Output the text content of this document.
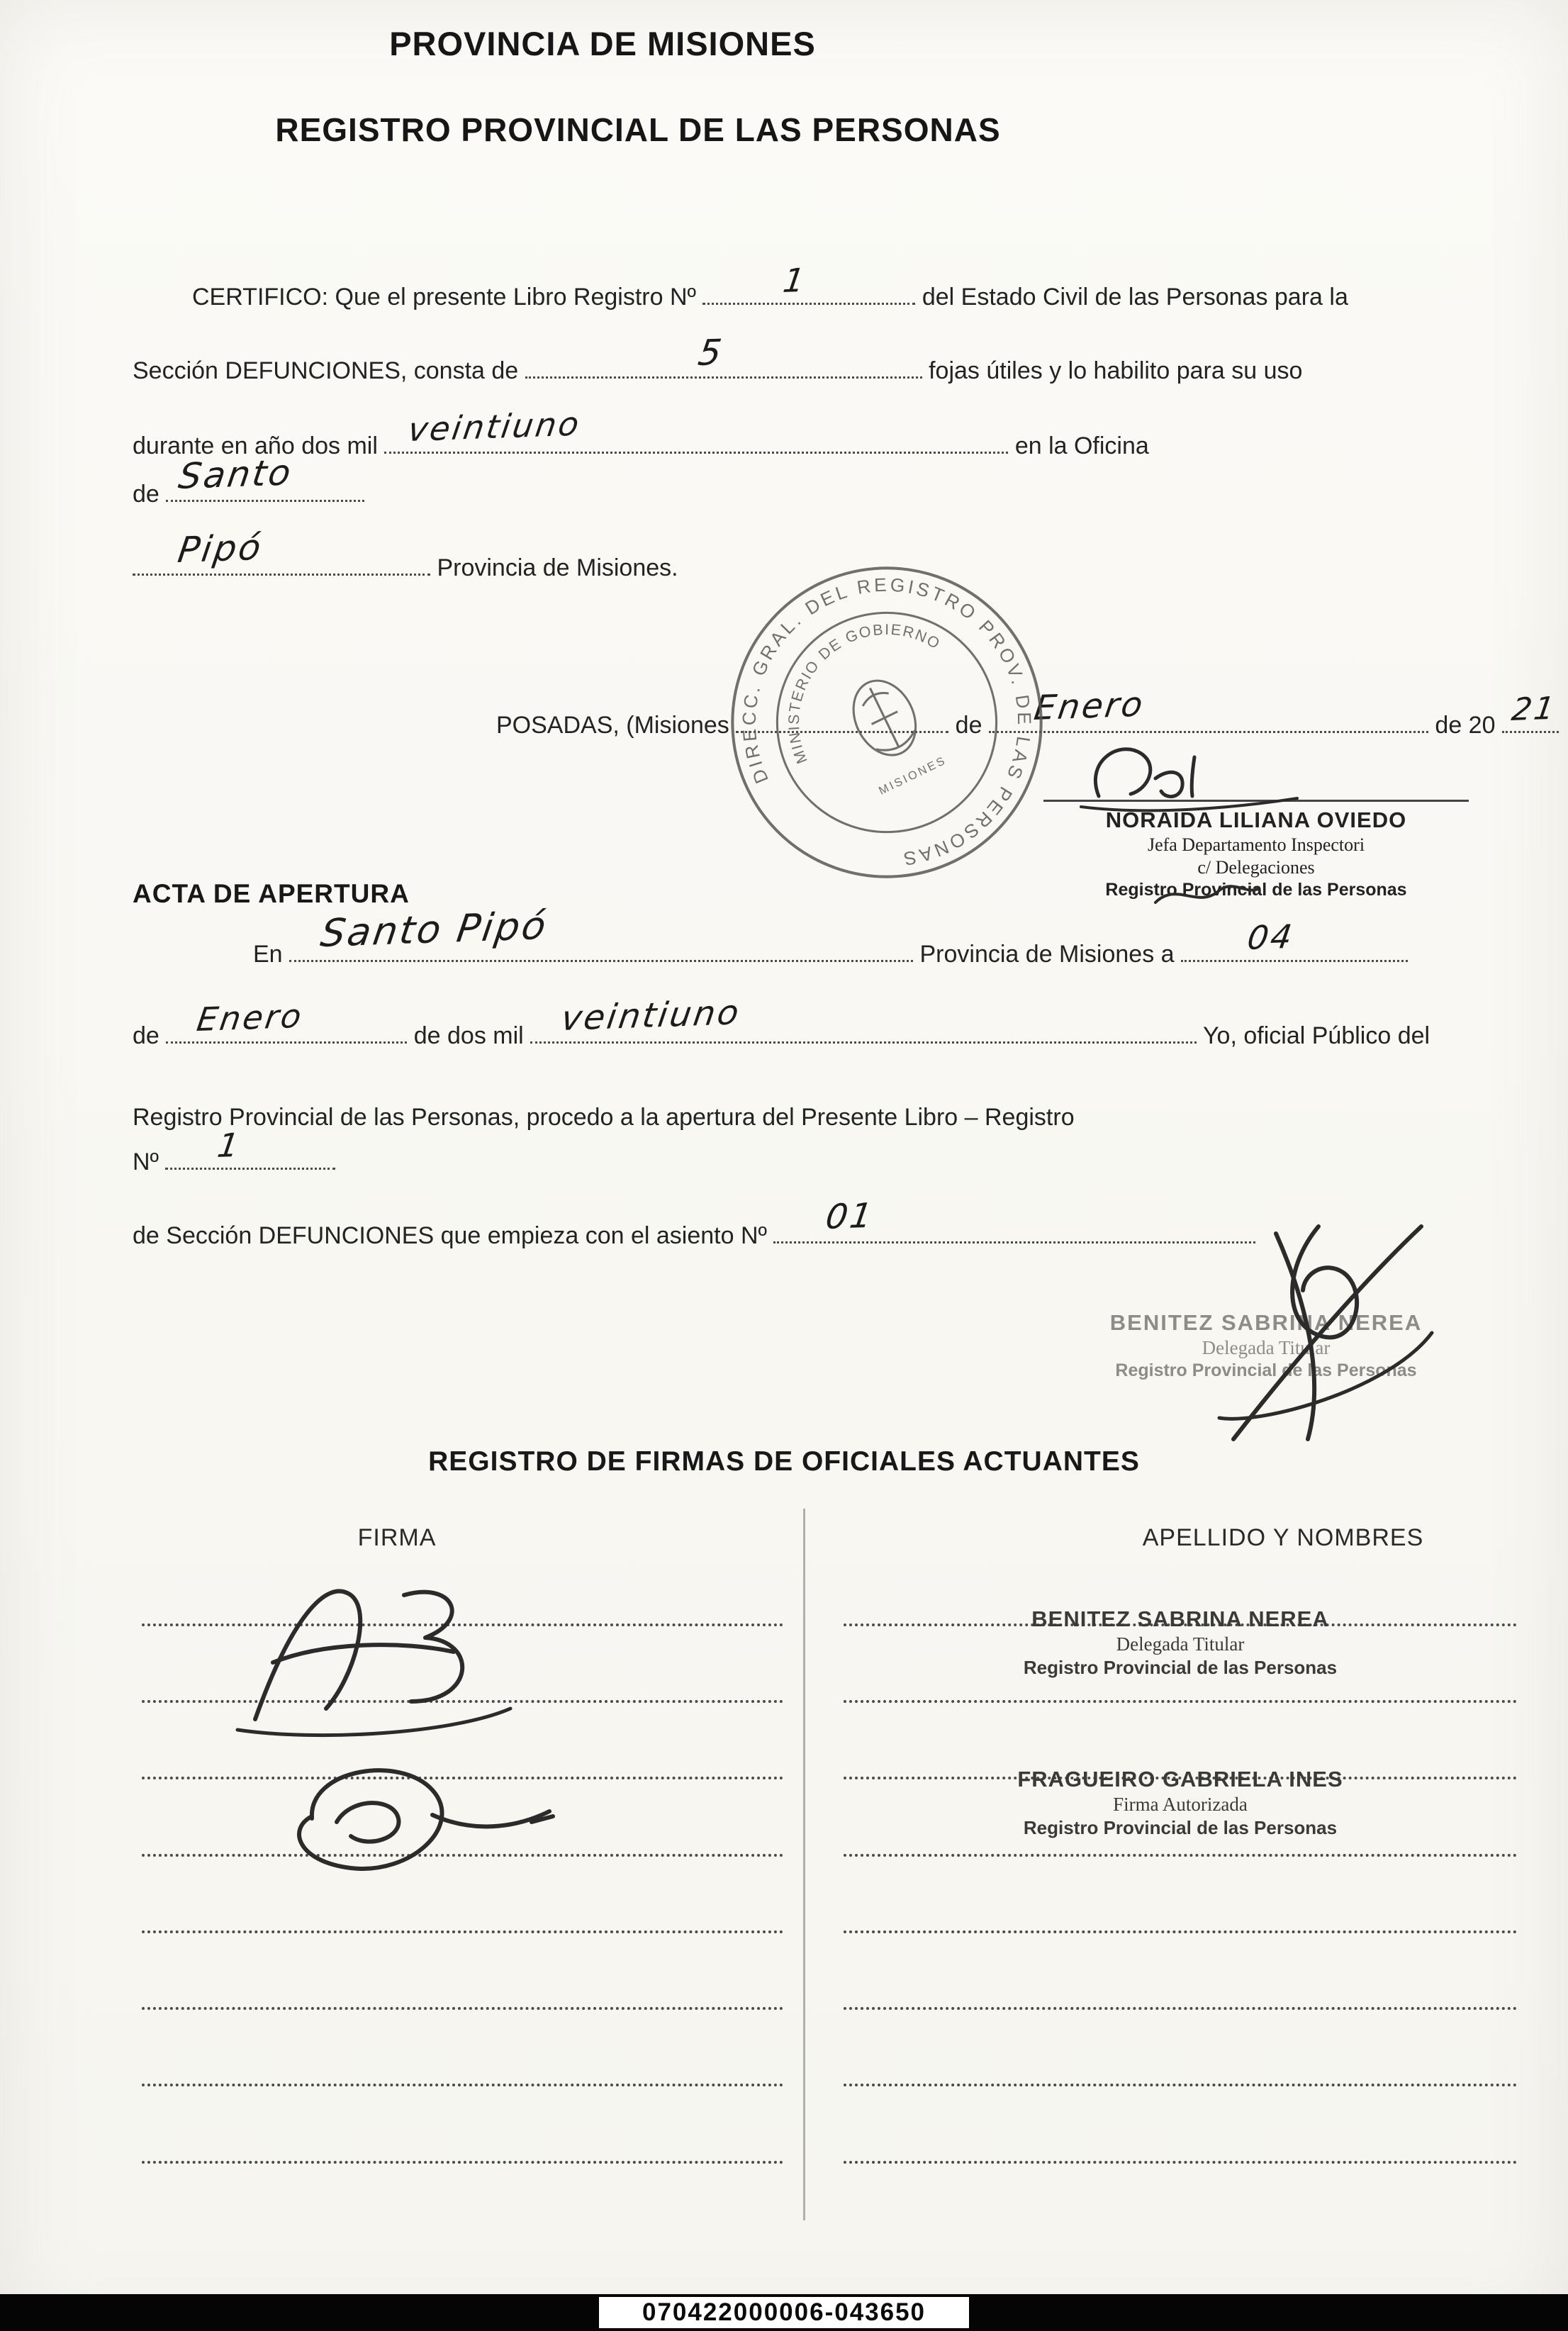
PROVINCIA DE MISIONES
REGISTRO PROVINCIAL DE LAS PERSONAS
CERTIFICO: Que el presente Libro Registro Nº	1	del Estado Civil de las Personas para la
Sección DEFUNCIONES, consta de	5	fojas útiles y lo habilito para su uso
durante en año dos mil veintiuno	en la Oficina
de Santo
Pipó	Provincia de Misiones.
POSADAS, (Misiones	de Enero	de 20 21
DIRECC. GRAL. DEL REGISTRO PROV. DE LAS PERSONAS
MINISTERIO DE GOBIERNO
MISIONES
NORAIDA LILIANA OVIEDO
Jefa Departamento Inspectori
c/ Delegaciones
Registro Provincial de las Personas
ACTA DE APERTURA
En Santo Pipó	Provincia de Misiones a 04
de Enero	de dos mil veintiuno	Yo, oficial Público del
Registro Provincial de las Personas, procedo a la apertura del Presente Libro – Registro
Nº 1
de Sección DEFUNCIONES que empieza con el asiento Nº 01
BENITEZ SABRINA NEREA
Delegada Titular
Registro Provincial de las Personas
REGISTRO DE FIRMAS DE OFICIALES ACTUANTES
FIRMA	APELLIDO Y NOMBRES
BENITEZ SABRINA NEREA
Delegada Titular
Registro Provincial de las Personas
FRAGUEIRO GABRIELA INES
Firma Autorizada
Registro Provincial de las Personas
070422000006-043650
